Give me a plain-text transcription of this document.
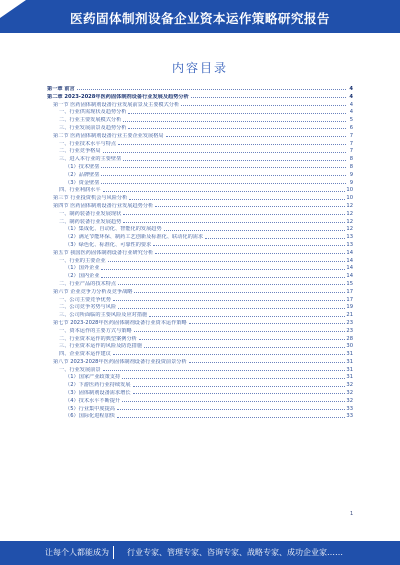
医药固体制剂设备企业资本运作策略研究报告
内容目录
第一章 前言	4
第二章 2023-2028年医药固体制剂设备行业发展及趋势分析	4
第一节 医药固体制剂设备行业发展前景及主要模式分析	4
一、行业供需现状及趋势分析	4
二、行业主要发展模式分析	5
三、行业发展前景及趋势分析	6
第二节 医药固体制剂设备行业主要企业发展格局	7
一、行业技术水平与特点	7
二、行业竞争格局	7
三、进入本行业的主要壁垒	8
（1）技术壁垒	8
（2）品牌壁垒	9
（3）资金壁垒	9
四、行业利润水平	10
第三节 行业投资机会与风险分析	10
第四节 医药固体制剂设备行业发展趋势分析	12
一、制药装备行业发展现状	12
二、制药装备行业发展趋势	12
（1）集成化、自动化、智能化的发展趋势	12
（2）满足节能环保、制药工艺创新及标准化、联动化的需求	13
（3）绿色化、标准化、可靠性的要求	13
第五节 我国医药固体制剂设备行业研究分析	14
一、行业的主要企业	14
（1）国外企业	14
（2）国内企业	14
二、行业产品的技术特点	15
第六节 企业竞争力分析及竞争战略	17
一、公司主要竞争优势	17
二、公司竞争劣势与风险	19
三、公司所面临的主要风险及应对措施	21
第七节 2023-2028年医药固体制剂设备行业资本运作策略	23
一、资本运作的主要方式与策略	23
二、行业资本运作的典型案例分析	28
三、行业资本运作的风险及防范措施	30
四、企业资本运作建议	31
第八节 2023-2028年医药固体制剂设备行业投资前景分析	31
一、行业发展前景	31
（1）国家产业政策支持	31
（2）下游医药行业持续发展	32
（3）固体制剂设备需求增长	32
（4）技术水平不断提升	32
（5）行业集中度提高	33
（6）国际化进程加快	33
1
让每个人都能成为 行业专家、管理专家、咨询专家、战略专家、成功企业家……
